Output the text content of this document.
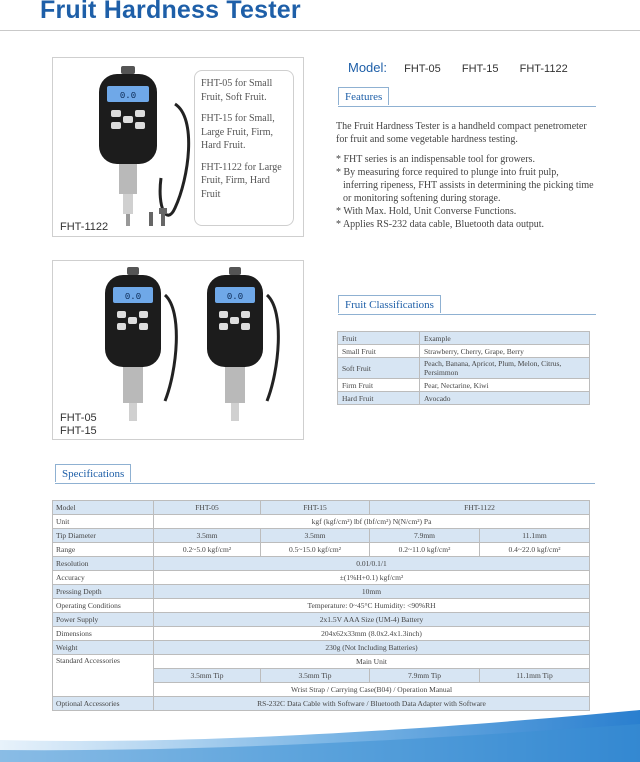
Fruit Hardness Tester
0.0
FHT-1122

FHT-05 for Small Fruit, Soft Fruit.

FHT-15 for Small, Large Fruit, Firm, Hard Fruit.

FHT-1122 for Large Fruit, Firm, Hard Fruit

0.0	0.0
FHT-05
FHT-15
Model: FHT-05 FHT-15 FHT-1122
Features
The Fruit Hardness Tester is a handheld compact penetrometer for fruit and some vegetable hardness testing.
* FHT series is an indispensable tool for growers.
* By measuring force required to plunge into fruit pulp, inferring ripeness, FHT assists in determining the picking time or monitoring softening during storage.
* With Max. Hold, Unit Converse Functions.
* Applies RS-232 data cable, Bluetooth data output.
Fruit Classifications
Fruit	Example
Small Fruit	Strawberry, Cherry, Grape, Berry
Soft Fruit	Peach, Banana, Apricot, Plum, Melon, Citrus, Persimmon
Firm Fruit	Pear, Nectarine, Kiwi
Hard Fruit	Avocado
Specifications
Model	FHT-05	FHT-15	FHT-1122	
Unit	kgf (kgf/cm²) lbf (lbf/cm²) N(N/cm²) Pa			
Tip Diameter	3.5mm	3.5mm	7.9mm	11.1mm
Range	0.2~5.0 kgf/cm²	0.5~15.0 kgf/cm²	0.2~11.0 kgf/cm²	0.4~22.0 kgf/cm²
Resolution	0.01/0.1/1			
Accuracy	±(1%H+0.1) kgf/cm²			
Pressing Depth	10mm			
Operating Conditions	Temperature: 0~45°C Humidity: <90%RH			
Power Supply	2x1.5V AAA Size (UM-4) Battery			
Dimensions	204x62x33mm (8.0x2.4x1.3inch)			
Weight	230g (Not Including Batteries)			
Standard Accessories	Main Unit			
	3.5mm Tip	3.5mm Tip	7.9mm Tip	11.1mm Tip
	Wrist Strap / Carrying Case(B04) / Operation Manual			
Optional Accessories	RS-232C Data Cable with Software / Bluetooth Data Adapter with Software			
